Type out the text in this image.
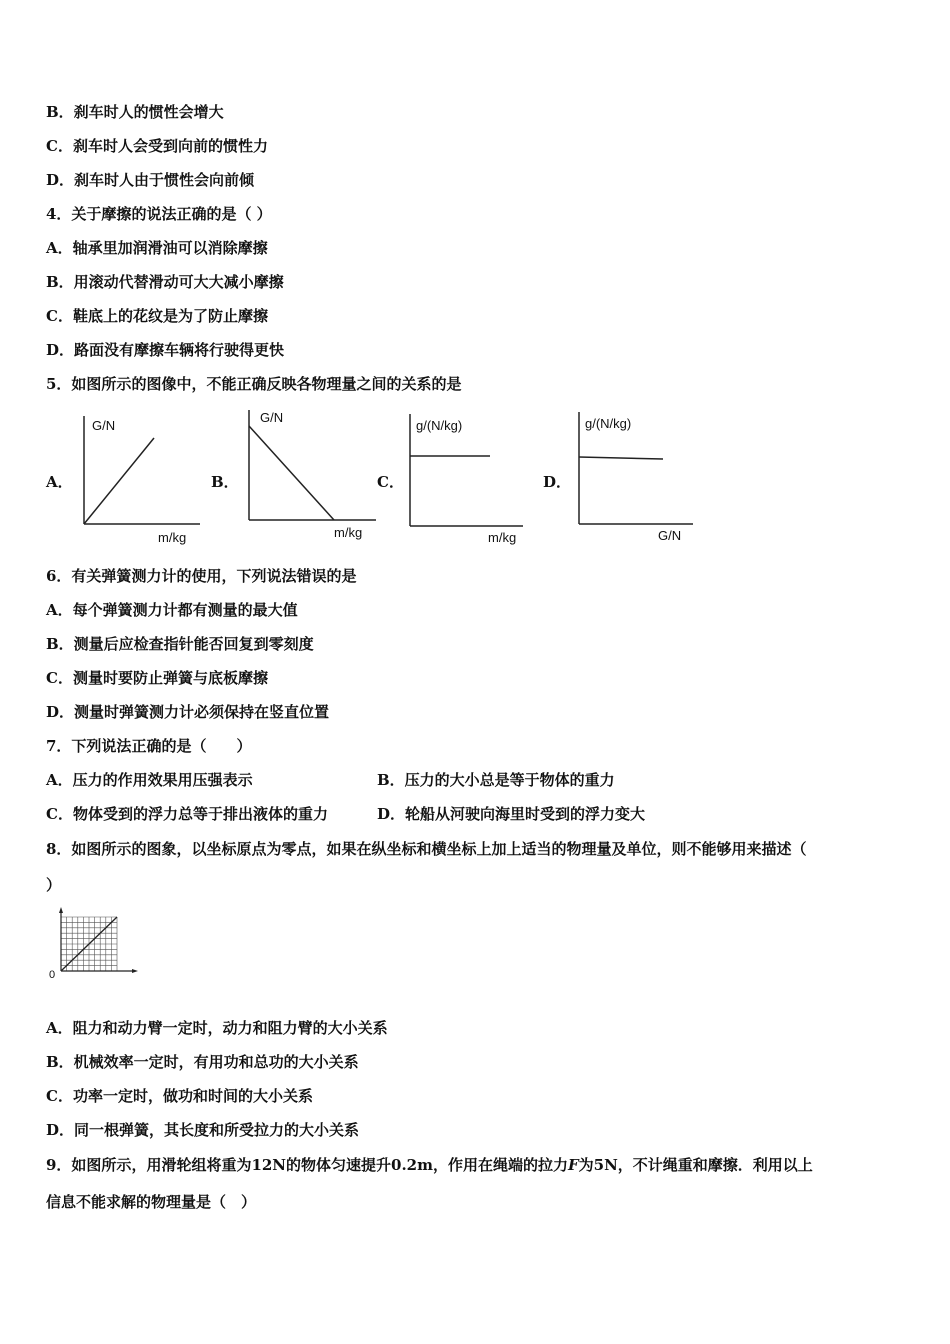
B．刹车时人的惯性会增大
C．刹车时人会受到向前的惯性力
D．刹车时人由于惯性会向前倾
4．关于摩擦的说法正确的是（ ）
A．轴承里加润滑油可以消除摩擦
B．用滚动代替滑动可大大减小摩擦
C．鞋底上的花纹是为了防止摩擦
D．路面没有摩擦车辆将行驶得更快
5．如图所示的图像中，不能正确反映各物理量之间的关系的是
A．
G/N
m/kg
B．
G/N
m/kg
C．
g/(N/kg)
m/kg
D．
g/(N/kg)
G/N
6．有关弹簧测力计的使用，下列说法错误的是
A．每个弹簧测力计都有测量的最大值
B．测量后应检查指针能否回复到零刻度
C．测量时要防止弹簧与底板摩擦
D．测量时弹簧测力计必须保持在竖直位置
7．下列说法正确的是（　　）
A．压力的作用效果用压强表示	B．压力的大小总是等于物体的重力
C．物体受到的浮力总等于排出液体的重力	D．轮船从河驶向海里时受到的浮力变大
8．如图所示的图象，以坐标原点为零点，如果在纵坐标和横坐标上加上适当的物理量及单位，则不能够用来描述（
）
0
A．阻力和动力臂一定时，动力和阻力臂的大小关系
B．机械效率一定时，有用功和总功的大小关系
C．功率一定时，做功和时间的大小关系
D．同一根弹簧，其长度和所受拉力的大小关系
9．如图所示，用滑轮组将重为12N的物体匀速提升0.2m，作用在绳端的拉力F为5N，不计绳重和摩擦．利用以上
信息不能求解的物理量是（　）
